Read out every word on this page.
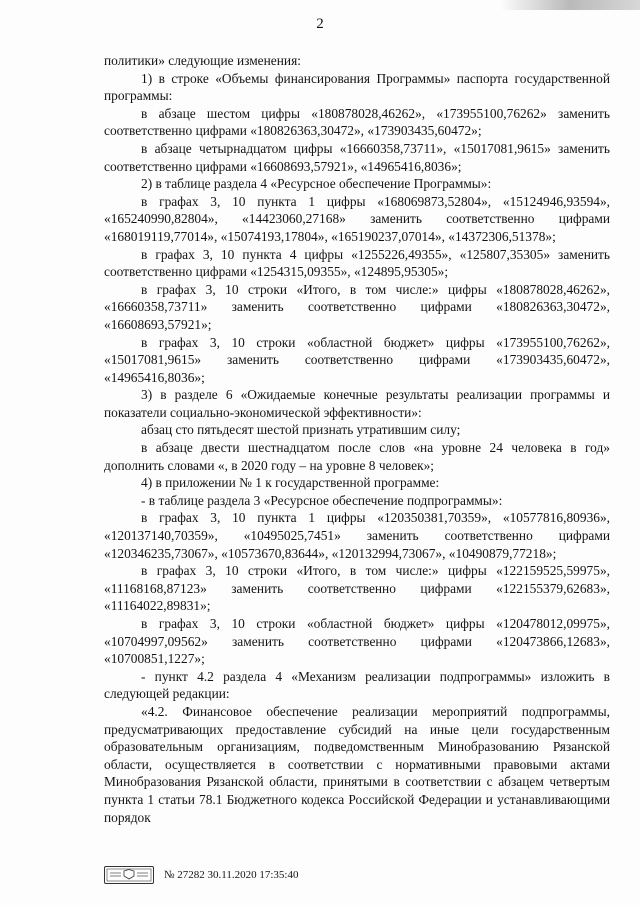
2

политики» следующие изменения:

1) в строке «Объемы финансирования Программы» паспорта государственной программы:

в абзаце шестом цифры «180878028,46262», «173955100,76262» заменить соответственно цифрами «180826363,30472», «173903435,60472»;

в абзаце четырнадцатом цифры «16660358,73711», «15017081,9615» заменить соответственно цифрами «16608693,57921», «14965416,8036»;

2) в таблице раздела 4 «Ресурсное обеспечение Программы»:

в графах 3, 10 пункта 1 цифры «168069873,52804», «15124946,93594», «165240990,82804», «14423060,27168» заменить соответственно цифрами «168019119,77014», «15074193,17804», «165190237,07014», «14372306,51378»;

в графах 3, 10 пункта 4 цифры «1255226,49355», «125807,35305» заменить соответственно цифрами «1254315,09355», «124895,95305»;

в графах 3, 10 строки «Итого, в том числе:» цифры «180878028,46262», «16660358,73711» заменить соответственно цифрами «180826363,30472», «16608693,57921»;

в графах 3, 10 строки «областной бюджет» цифры «173955100,76262», «15017081,9615» заменить соответственно цифрами «173903435,60472», «14965416,8036»;

3) в разделе 6 «Ожидаемые конечные результаты реализации программы и показатели социально-экономической эффективности»:

абзац сто пятьдесят шестой признать утратившим силу;

в абзаце двести шестнадцатом после слов «на уровне 24 человека в год» дополнить словами «, в 2020 году – на уровне 8 человек»;

4) в приложении № 1 к государственной программе:

- в таблице раздела 3 «Ресурсное обеспечение подпрограммы»:

в графах 3, 10 пункта 1 цифры «120350381,70359», «10577816,80936», «120137140,70359», «10495025,7451» заменить соответственно цифрами «120346235,73067», «10573670,83644», «120132994,73067», «10490879,77218»;

в графах 3, 10 строки «Итого, в том числе:» цифры «122159525,59975», «11168168,87123» заменить соответственно цифрами «122155379,62683», «11164022,89831»;

в графах 3, 10 строки «областной бюджет» цифры «120478012,09975», «10704997,09562» заменить соответственно цифрами «120473866,12683», «10700851,1227»;

- пункт 4.2 раздела 4 «Механизм реализации подпрограммы» изложить в следующей редакции:

«4.2. Финансовое обеспечение реализации мероприятий подпрограммы, предусматривающих предоставление субсидий на иные цели государственным образовательным организациям, подведомственным Минобразованию Рязанской области, осуществляется в соответствии с нормативными правовыми актами Минобразования Рязанской области, принятыми в соответствии с абзацем четвертым пункта 1 статьи 78.1 Бюджетного кодекса Российской Федерации и устанавливающими порядок

№ 27282 30.11.2020 17:35:40
